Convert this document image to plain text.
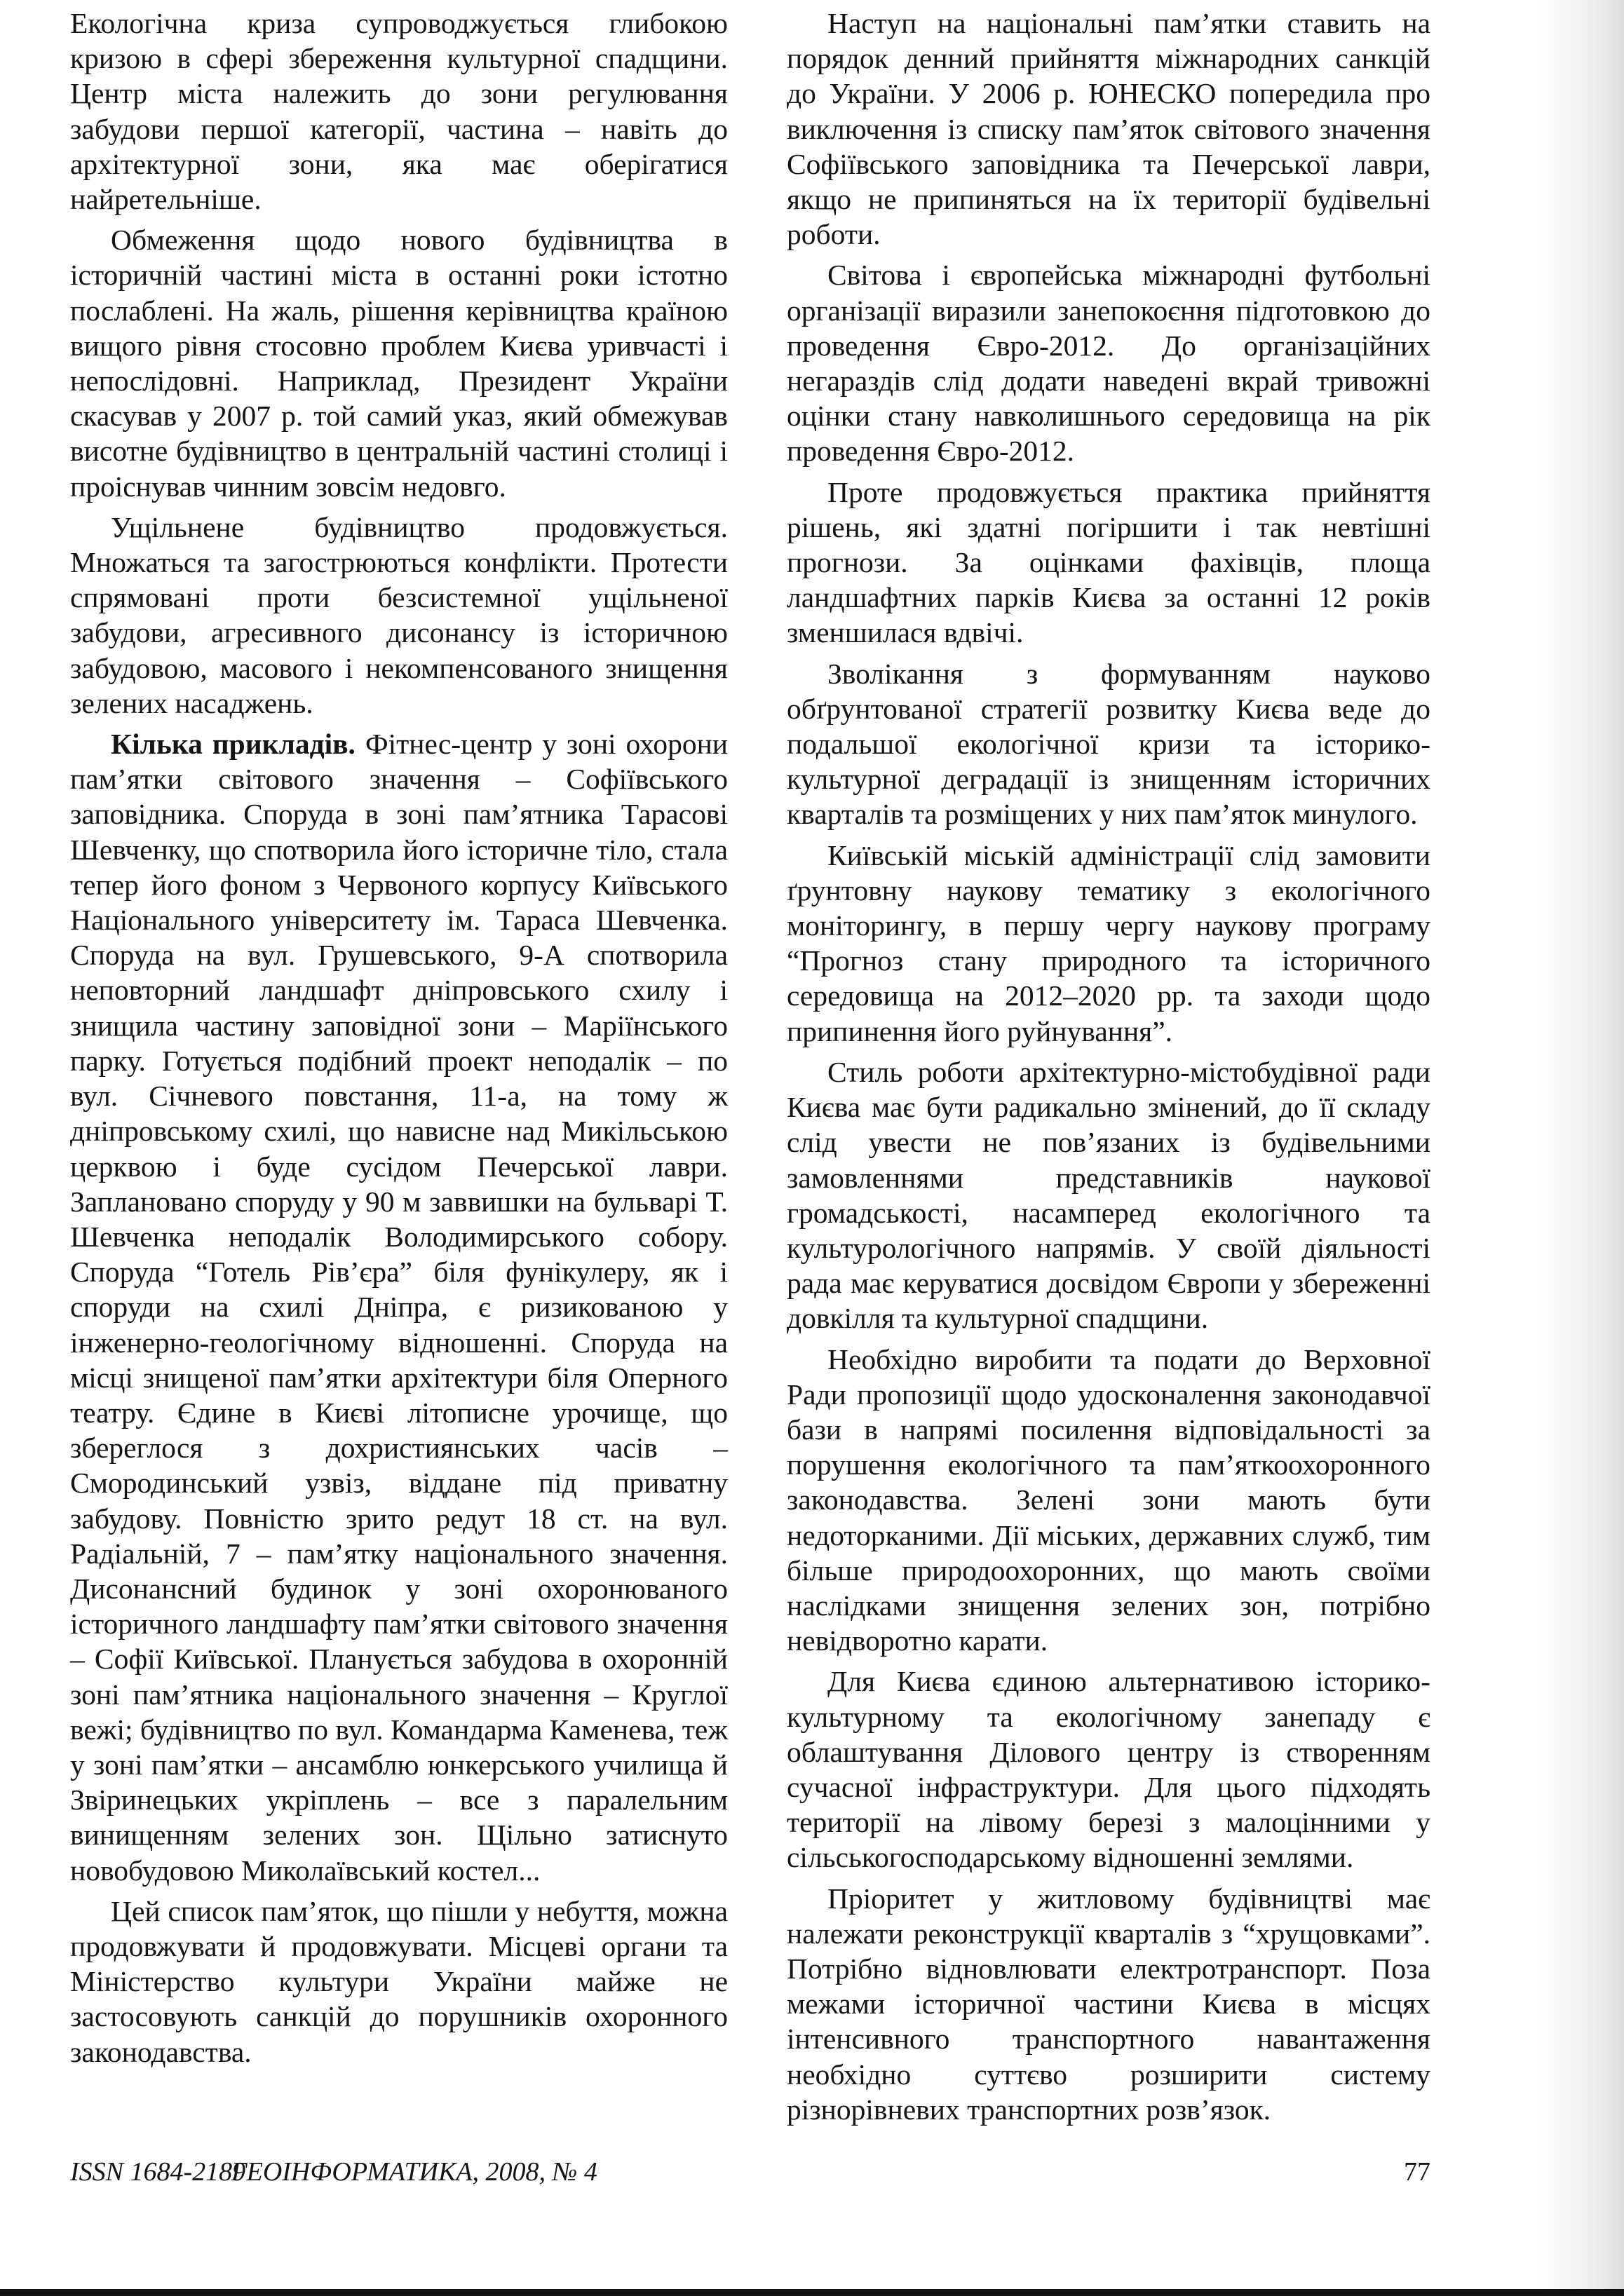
Екологічна криза супроводжується глибокою кризою в сфері збереження культурної спадщини. Центр міста належить до зони регулювання забудови першої категорії, частина – навіть до архітектурної зони, яка має оберігатися найретельніше.

Обмеження щодо нового будівництва в історичній частині міста в останні роки істотно послаблені. На жаль, рішення керівництва країною вищого рівня стосовно проблем Києва уривчасті і непослідовні. Наприклад, Президент України скасував у 2007 р. той самий указ, який обмежував висотне будівництво в центральній частині столиці і проіснував чинним зовсім недовго.

Ущільнене будівництво продовжується. Множаться та загострюються конфлікти. Протести спрямовані проти безсистемної ущільненої забудови, агресивного дисонансу із історичною забудовою, масового і некомпенсованого знищення зелених насаджень.

Кілька прикладів. Фітнес-центр у зоні охорони пам’ятки світового значення – Софіївського заповідника. Споруда в зоні пам’ятника Тарасові Шевченку, що спотворила його історичне тіло, стала тепер його фоном з Червоного корпусу Київського Національного університету ім. Тараса Шевченка. Споруда на вул. Грушевського, 9-А спотворила неповторний ландшафт дніпровського схилу і знищила частину заповідної зони – Маріїнського парку. Готується подібний проект неподалік – по вул. Січневого повстання, 11-а, на тому ж дніпровському схилі, що нависне над Микільською церквою і буде сусідом Печерської лаври. Заплановано споруду у 90 м заввишки на бульварі Т. Шевченка неподалік Володимирського собору. Споруда “Готель Рів’єра” біля фунікулеру, як і споруди на схилі Дніпра, є ризикованою у інженерно-геологічному відношенні. Споруда на місці знищеної пам’ятки архітектури біля Оперного театру. Єдине в Києві літописне урочище, що збереглося з дохристиянських часів – Смородинський узвіз, віддане під приватну забудову. Повністю зрито редут 18 ст. на вул. Радіальній, 7 – пам’ятку національного значення. Дисонансний будинок у зоні охоронюваного історичного ландшафту пам’ятки світового значення – Софії Київської. Планується забудова в охоронній зоні пам’ятника національного значення – Круглої вежі; будівництво по вул. Командарма Каменева, теж у зоні пам’ятки – ансамблю юнкерського училища й Звіринецьких укріплень – все з паралельним винищенням зелених зон. Щільно затиснуто новобудовою Миколаївський костел...

Цей список пам’яток, що пішли у небуття, можна продовжувати й продовжувати. Місцеві органи та Міністерство культури України майже не застосовують санкцій до порушників охоронного законодавства.

Наступ на національні пам’ятки ставить на порядок денний прийняття міжнародних санкцій до України. У 2006 р. ЮНЕСКО попередила про виключення із списку пам’яток світового значення Софіївського заповідника та Печерської лаври, якщо не припиняться на їх території будівельні роботи.

Світова і європейська міжнародні футбольні організації виразили занепокоєння підготовкою до проведення Євро-2012. До організаційних негараздів слід додати наведені вкрай тривожні оцінки стану навколишнього середовища на рік проведення Євро-2012.

Проте продовжується практика прийняття рішень, які здатні погіршити і так невтішні прогнози. За оцінками фахівців, площа ландшафтних парків Києва за останні 12 років зменшилася вдвічі.

Зволікання з формуванням науково обґрунтованої стратегії розвитку Києва веде до подальшої екологічної кризи та історико-культурної деградації із знищенням історичних кварталів та розміщених у них пам’яток минулого.

Київській міській адміністрації слід замовити ґрунтовну наукову тематику з екологічного моніторингу, в першу чергу наукову програму “Прогноз стану природного та історичного середовища на 2012–2020 рр. та заходи щодо припинення його руйнування”.

Стиль роботи архітектурно-містобудівної ради Києва має бути радикально змінений, до її складу слід увести не пов’язаних із будівельними замовленнями представників наукової громадськості, насамперед екологічного та культурологічного напрямів. У своїй діяльності рада має керуватися досвідом Європи у збереженні довкілля та культурної спадщини.

Необхідно виробити та подати до Верховної Ради пропозиції щодо удосконалення законодавчої бази в напрямі посилення відповідальності за порушення екологічного та пам’яткоохоронного законодавства. Зелені зони мають бути недоторканими. Дії міських, державних служб, тим більше природоохоронних, що мають своїми наслідками знищення зелених зон, потрібно невідворотно карати.

Для Києва єдиною альтернативою історико-культурному та екологічному занепаду є облаштування Ділового центру із створенням сучасної інфраструктури. Для цього підходять території на лівому березі з малоцінними у сільськогосподарському відношенні землями.

Пріоритет у житловому будівництві має належати реконструкції кварталів з “хрущовками”. Потрібно відновлювати електротранспорт. Поза межами історичної частини Києва в місцях інтенсивного транспортного навантаження необхідно суттєво розширити систему різнорівневих транспортних розв’язок.

ISSN 1684-2189
ГЕОІНФОРМАТИКА, 2008, № 4	77
